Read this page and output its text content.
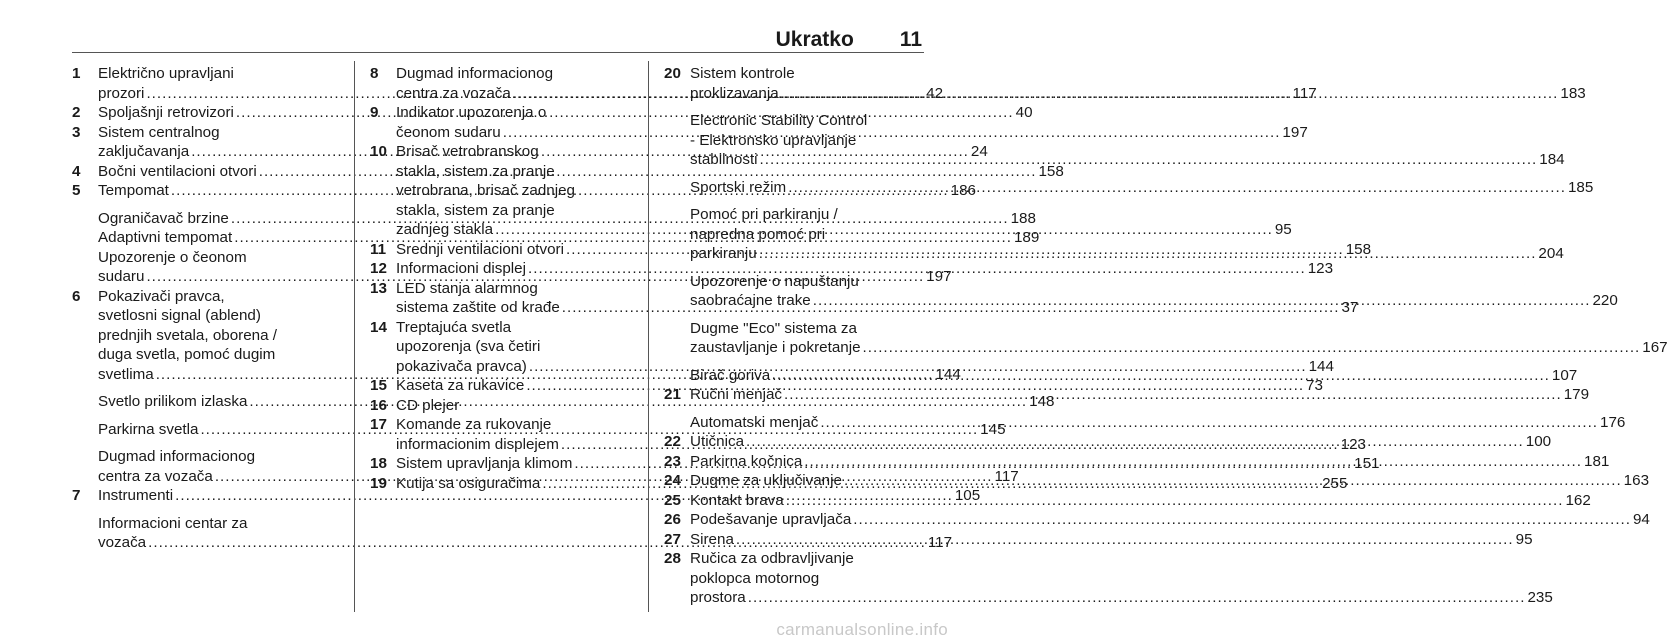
Ukratko 11
1	Električno upravljani
prozori .....	42
2	Spoljašnji retrovizori .....	40
3	Sistem centralnog
zaključavanja .....	24
4	Bočni ventilacioni otvori .....	158
5	Tempomat .....	186
Ograničavač brzine .....	188
Adaptivni tempomat .....	189
Upozorenje o čeonom
sudaru .....	197
6	Pokazivači pravca,
svetlosni signal (ablend)
prednjih svetala, oborena /
duga svetla, pomoć dugim
svetlima .....	144
Svetlo prilikom izlaska .....	148
Parkirna svetla .....	145
Dugmad informacionog
centra za vozača .....	117
7	Instrumenti .....	105
Informacioni centar za
vozača .....	117
8	Dugmad informacionog
centra za vozača .....	117
9	Indikator upozorenja o
čeonom sudaru .....	197
10 Brisač vetrobranskog
stakla, sistem za pranje
vetrobrana, brisač zadnjeg
stakla, sistem za pranje
zadnjeg stakla .....	95
11 Srednji ventilacioni otvori .....	158
12 Informacioni displej .....	123
13 LED stanja alarmnog
sistema zaštite od krađe .....	37
14 Treptajuća svetla
upozorenja (sva četiri
pokazivača pravca) .....	144
15 Kaseta za rukavice .....	73
16 CD plejer
17 Komande za rukovanje
informacionim displejem .....	123
18 Sistem upravljanja klimom .....	151
19 Kutija sa osiguračima .....	255
20 Sistem kontrole
proklizavanja .....	183
Electronic Stability Control
- Elektronsko upravljanje
stabilnosti .....	184
Sportski režim .....	185
Pomoć pri parkiranju /
napredna pomoć pri
parkiranju .....	204
Upozorenje o napuštanju
saobraćajne trake .....	220
Dugme "Eco" sistema za
zaustavljanje i pokretanje .....	167
Birač goriva .....	107
21 Ručni menjač .....	179
Automatski menjač .....	176
22 Utičnica .....	100
23 Parkirna kočnica .....	181
24 Dugme za uključivanje .....	163
25 Kontakt brava .....	162
26 Podešavanje upravljača .....	94
27 Sirena .....	95
28 Ručica za odbravljivanje
poklopca motornog
prostora .....	235
carmanualsonline.info
